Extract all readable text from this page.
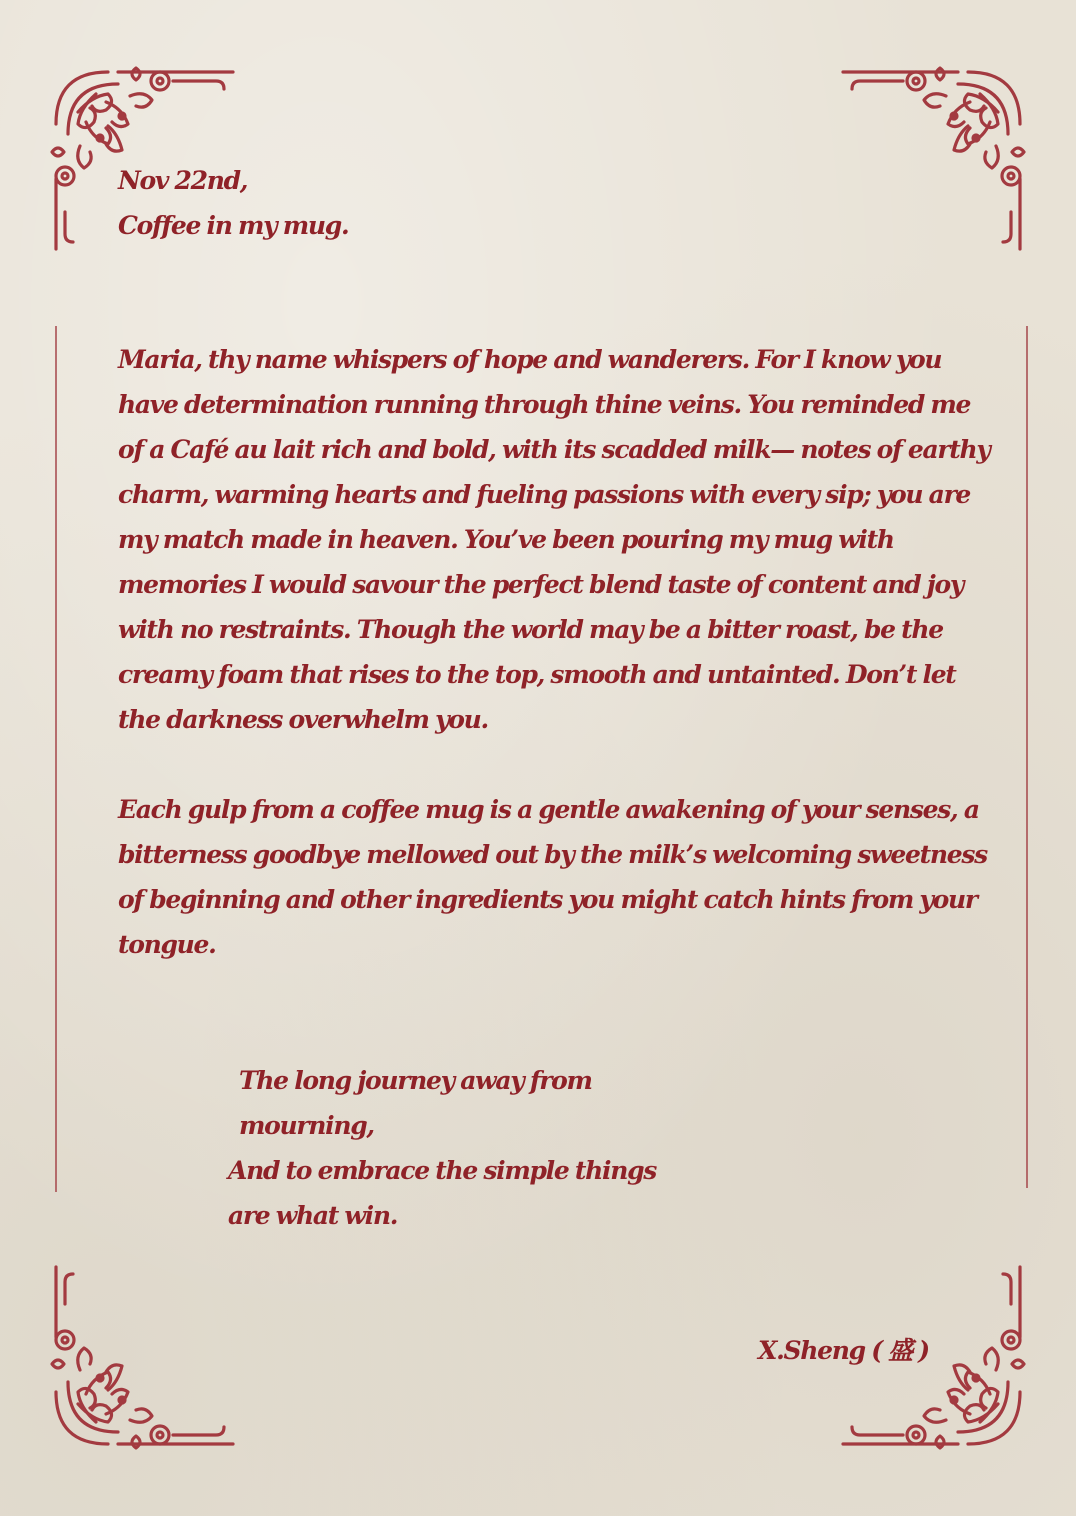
Nov 22nd,
Coffee in my mug.

Maria, thy name whispers of hope and wanderers. For I know you have determination running through thine veins. You reminded me of a Café au lait rich and bold, with its scadded milk— notes of earthy charm, warming hearts and fueling passions with every sip; you are my match made in heaven. You’ve been pouring my mug with memories I would savour the perfect blend taste of content and joy with no restraints. Though the world may be a bitter roast, be the creamy foam that rises to the top, smooth and untainted. Don’t let the darkness overwhelm you.

Each gulp from a coffee mug is a gentle awakening of your senses, a bitterness goodbye mellowed out by the milk’s welcoming sweetness of beginning and other ingredients you might catch hints from your tongue.

The long journey away from
mourning,
And to embrace the simple things
are what win.
X.Sheng ( 盛 )
